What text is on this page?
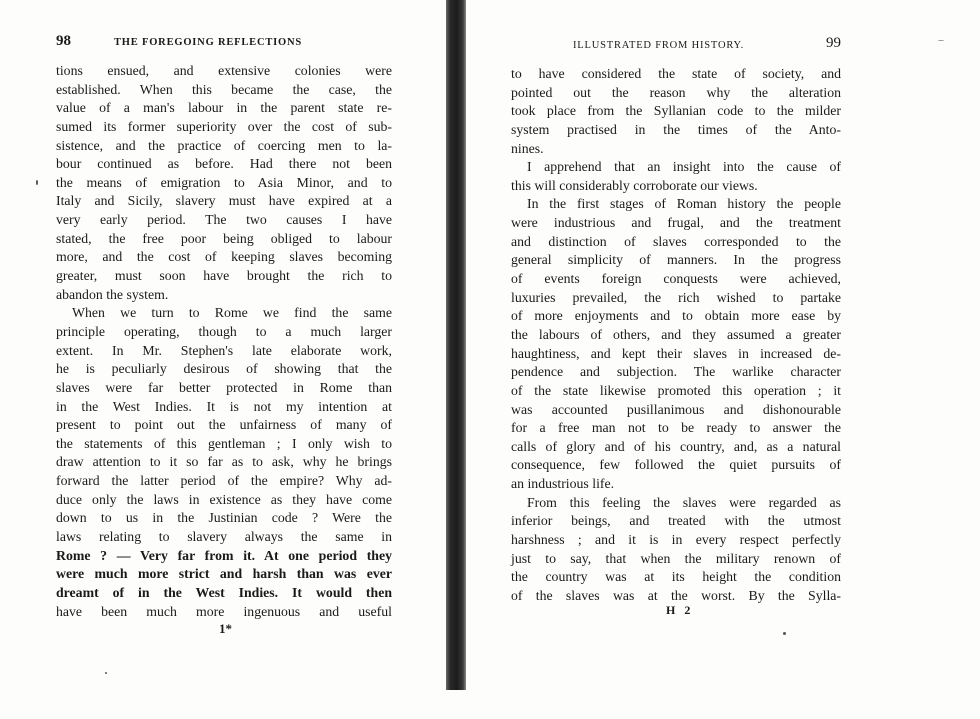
98	THE FOREGOING REFLECTIONS
tions ensued, and extensive colonies were
established. When this became the case, the
value of a man's labour in the parent state re-
sumed its former superiority over the cost of sub-
sistence, and the practice of coercing men to la-
bour continued as before. Had there not been
the means of emigration to Asia Minor, and to
Italy and Sicily, slavery must have expired at a
very early period. The two causes I have
stated, the free poor being obliged to labour
more, and the cost of keeping slaves becoming
greater, must soon have brought the rich to
abandon the system.
When we turn to Rome we find the same
principle operating, though to a much larger
extent. In Mr. Stephen's late elaborate work,
he is peculiarly desirous of showing that the
slaves were far better protected in Rome than
in the West Indies. It is not my intention at
present to point out the unfairness of many of
the statements of this gentleman ; I only wish to
draw attention to it so far as to ask, why he brings
forward the latter period of the empire? Why ad-
duce only the laws in existence as they have come
down to us in the Justinian code ? Were the
laws relating to slavery always the same in
Rome ? — Very far from it. At one period they
were much more strict and harsh than was ever
dreamt of in the West Indies. It would then
have been much more ingenuous and useful
1*
ILLUSTRATED FROM HISTORY.	99
to have considered the state of society, and
pointed out the reason why the alteration
took place from the Syllanian code to the milder
system practised in the times of the Anto-
nines.
I apprehend that an insight into the cause of
this will considerably corroborate our views.
In the first stages of Roman history the people
were industrious and frugal, and the treatment
and distinction of slaves corresponded to the
general simplicity of manners. In the progress
of events foreign conquests were achieved,
luxuries prevailed, the rich wished to partake
of more enjoyments and to obtain more ease by
the labours of others, and they assumed a greater
haughtiness, and kept their slaves in increased de-
pendence and subjection. The warlike character
of the state likewise promoted this operation ; it
was accounted pusillanimous and dishonourable
for a free man not to be ready to answer the
calls of glory and of his country, and, as a natural
consequence, few followed the quiet pursuits of
an industrious life.
From this feeling the slaves were regarded as
inferior beings, and treated with the utmost
harshness ; and it is in every respect perfectly
just to say, that when the military renown of
the country was at its height the condition
of the slaves was at the worst. By the Sylla-
H 2
